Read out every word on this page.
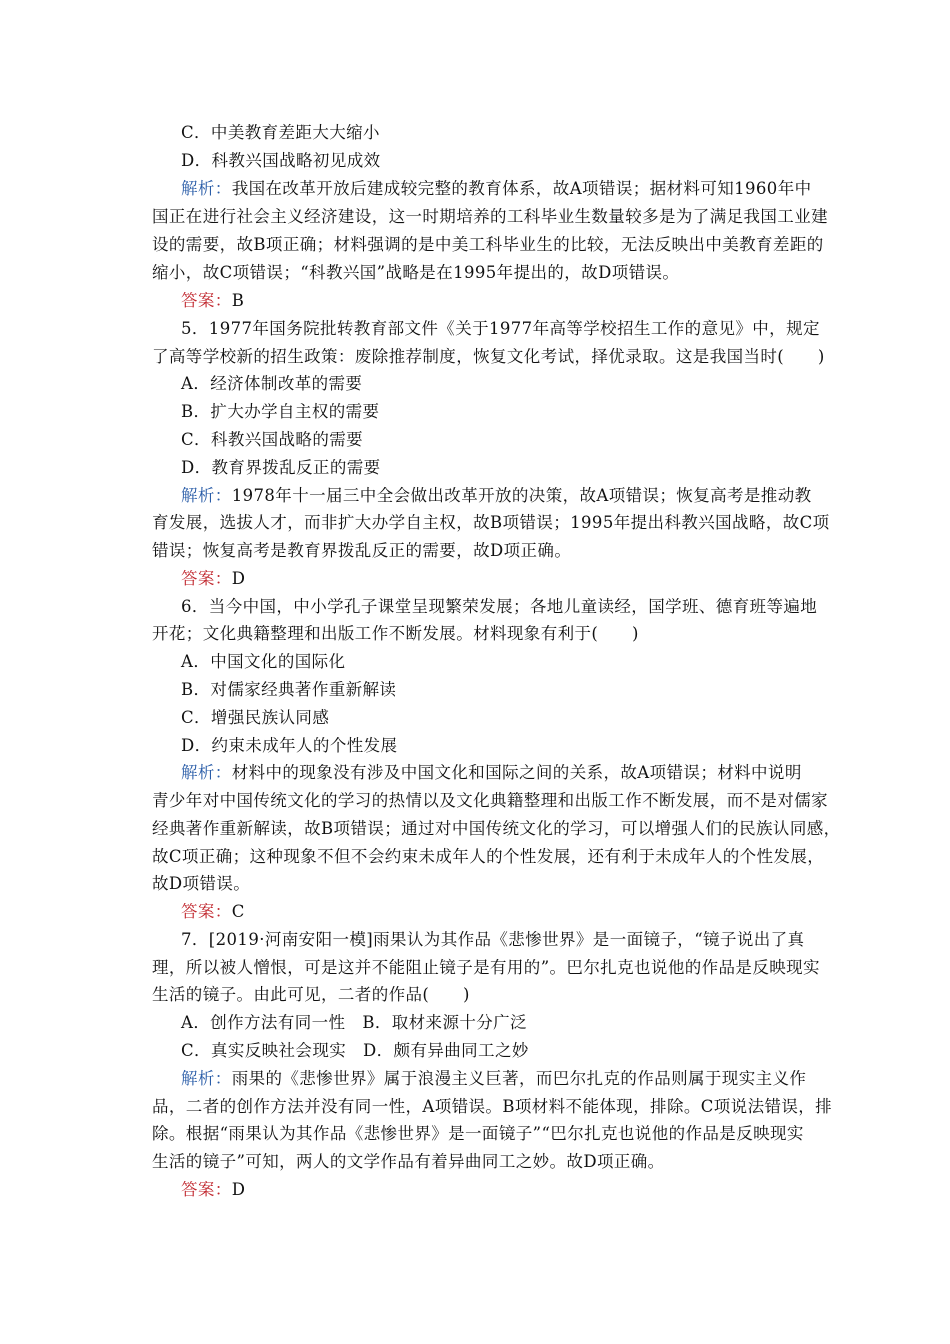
C．中美教育差距大大缩小
D．科教兴国战略初见成效
解析：我国在改革开放后建成较完整的教育体系，故A项错误；据材料可知1960年中
国正在进行社会主义经济建设，这一时期培养的工科毕业生数量较多是为了满足我国工业建
设的需要，故B项正确；材料强调的是中美工科毕业生的比较，无法反映出中美教育差距的
缩小，故C项错误；“科教兴国”战略是在1995年提出的，故D项错误。
答案：B
5．1977年国务院批转教育部文件《关于1977年高等学校招生工作的意见》中，规定
了高等学校新的招生政策：废除推荐制度，恢复文化考试，择优录取。这是我国当时(　　)
A．经济体制改革的需要
B．扩大办学自主权的需要
C．科教兴国战略的需要
D．教育界拨乱反正的需要
解析：1978年十一届三中全会做出改革开放的决策，故A项错误；恢复高考是推动教
育发展，选拔人才，而非扩大办学自主权，故B项错误；1995年提出科教兴国战略，故C项
错误；恢复高考是教育界拨乱反正的需要，故D项正确。
答案：D
6．当今中国，中小学孔子课堂呈现繁荣发展；各地儿童读经，国学班、德育班等遍地
开花；文化典籍整理和出版工作不断发展。材料现象有利于(　　)
A．中国文化的国际化
B．对儒家经典著作重新解读
C．增强民族认同感
D．约束未成年人的个性发展
解析：材料中的现象没有涉及中国文化和国际之间的关系，故A项错误；材料中说明
青少年对中国传统文化的学习的热情以及文化典籍整理和出版工作不断发展，而不是对儒家
经典著作重新解读，故B项错误；通过对中国传统文化的学习，可以增强人们的民族认同感，
故C项正确；这种现象不但不会约束未成年人的个性发展，还有利于未成年人的个性发展，
故D项错误。
答案：C
7．[2019·河南安阳一模]雨果认为其作品《悲惨世界》是一面镜子，“镜子说出了真
理，所以被人憎恨，可是这并不能阻止镜子是有用的”。巴尔扎克也说他的作品是反映现实
生活的镜子。由此可见，二者的作品(　　)
A．创作方法有同一性　B．取材来源十分广泛
C．真实反映社会现实　D．颇有异曲同工之妙
解析：雨果的《悲惨世界》属于浪漫主义巨著，而巴尔扎克的作品则属于现实主义作
品，二者的创作方法并没有同一性，A项错误。B项材料不能体现，排除。C项说法错误，排
除。根据“雨果认为其作品《悲惨世界》是一面镜子”“巴尔扎克也说他的作品是反映现实
生活的镜子”可知，两人的文学作品有着异曲同工之妙。故D项正确。
答案：D
